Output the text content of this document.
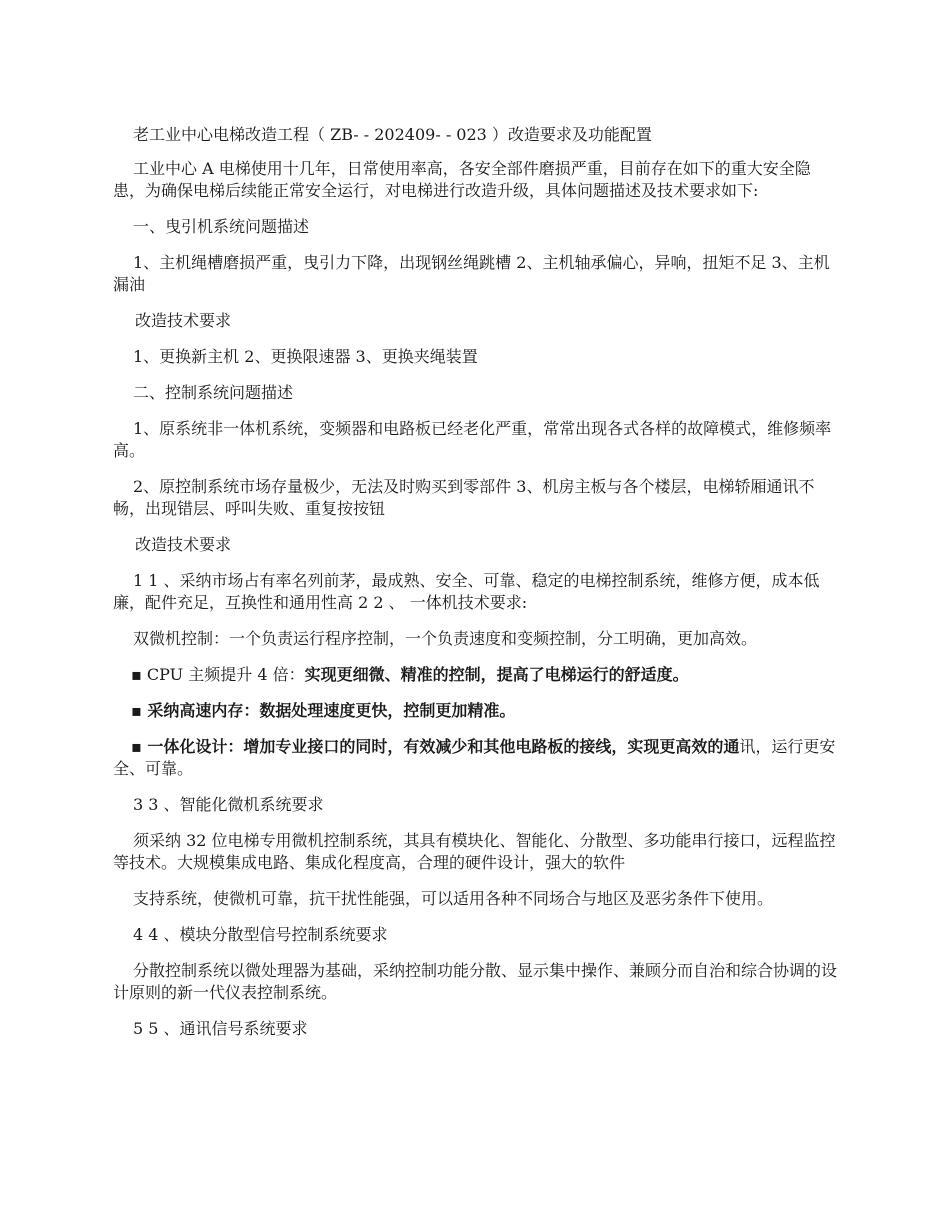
老工业中心电梯改造工程（ ZB- - 202409- - 023 ）改造要求及功能配置

工业中心 A 电梯使用十几年，日常使用率高，各安全部件磨损严重，目前存在如下的重大安全隐患，为确保电梯后续能正常安全运行，对电梯进行改造升级，具体问题描述及技术要求如下:

一、曳引机系统问题描述

1、主机绳槽磨损严重，曳引力下降，出现钢丝绳跳槽 2、主机轴承偏心，异响，扭矩不足 3、主机漏油

改造技术要求

1、更换新主机 2、更换限速器 3、更换夹绳装置

二、控制系统问题描述

1、原系统非一体机系统，变频器和电路板已经老化严重，常常出现各式各样的故障模式，维修频率高。

2、原控制系统市场存量极少，无法及时购买到零部件 3、机房主板与各个楼层，电梯轿厢通讯不畅，出现错层、呼叫失败、重复按按钮

改造技术要求

1 1 、采纳市场占有率名列前茅，最成熟、安全、可靠、稳定的电梯控制系统，维修方便，成本低廉，配件充足，互换性和通用性高 2 2 、 一体机技术要求:

双微机控制：一个负责运行程序控制，一个负责速度和变频控制，分工明确，更加高效。

▪ CPU 主频提升 4 倍：实现更细微、精准的控制，提高了电梯运行的舒适度。

▪ 采纳高速内存：数据处理速度更快，控制更加精准。

▪ 一体化设计：增加专业接口的同时，有效减少和其他电路板的接线，实现更高效的通讯，运行更安全、可靠。

3 3 、智能化微机系统要求

须采纳 32 位电梯专用微机控制系统，其具有模块化、智能化、分散型、多功能串行接口，远程监控等技术。大规模集成电路、集成化程度高，合理的硬件设计，强大的软件

支持系统，使微机可靠，抗干扰性能强，可以适用各种不同场合与地区及恶劣条件下使用。

4 4 、模块分散型信号控制系统要求

分散控制系统以微处理器为基础，采纳控制功能分散、显示集中操作、兼顾分而自治和综合协调的设计原则的新一代仪表控制系统。

5 5 、通讯信号系统要求
